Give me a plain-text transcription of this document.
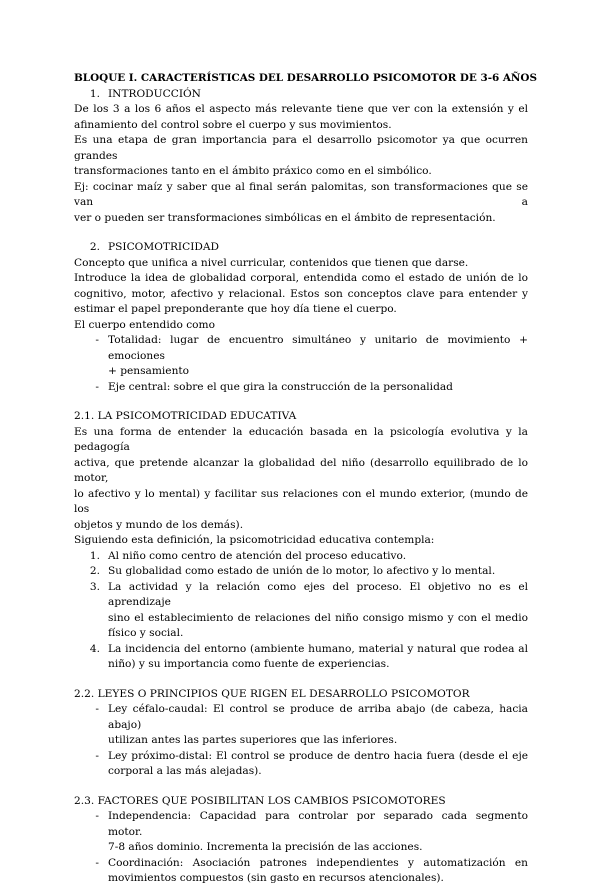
BLOQUE I. CARACTERÍSTICAS DEL DESARROLLO PSICOMOTOR DE 3-6 AÑOS

1. INTRODUCCIÓN

De los 3 a los 6 años el aspecto más relevante tiene que ver con la extensión y el

afinamiento del control sobre el cuerpo y sus movimientos.

Es una etapa de gran importancia para el desarrollo psicomotor ya que ocurren grandes

transformaciones tanto en el ámbito práxico como en el simbólico.

Ej: cocinar maíz y saber que al final serán palomitas, son transformaciones que se van a

ver o pueden ser transformaciones simbólicas en el ámbito de representación.

2. PSICOMOTRICIDAD

Concepto que unifica a nivel curricular, contenidos que tienen que darse.

Introduce la idea de globalidad corporal, entendida como el estado de unión de lo

cognitivo, motor, afectivo y relacional. Estos son conceptos clave para entender y

estimar el papel preponderante que hoy día tiene el cuerpo.

El cuerpo entendido como

- Totalidad: lugar de encuentro simultáneo y unitario de movimiento + emociones

+ pensamiento

- Eje central: sobre el que gira la construcción de la personalidad

2.1. LA PSICOMOTRICIDAD EDUCATIVA

Es una forma de entender la educación basada en la psicología evolutiva y la pedagogía

activa, que pretende alcanzar la globalidad del niño (desarrollo equilibrado de lo motor,

lo afectivo y lo mental) y facilitar sus relaciones con el mundo exterior, (mundo de los

objetos y mundo de los demás).

Siguiendo esta definición, la psicomotricidad educativa contempla:

1. Al niño como centro de atención del proceso educativo.
2. Su globalidad como estado de unión de lo motor, lo afectivo y lo mental.
3. La actividad y la relación como ejes del proceso. El objetivo no es el aprendizaje

sino el establecimiento de relaciones del niño consigo mismo y con el medio

físico y social.

4. La incidencia del entorno (ambiente humano, material y natural que rodea al

niño) y su importancia como fuente de experiencias.

2.2. LEYES O PRINCIPIOS QUE RIGEN EL DESARROLLO PSICOMOTOR

- Ley céfalo-caudal: El control se produce de arriba abajo (de cabeza, hacia abajo)

utilizan antes las partes superiores que las inferiores.

- Ley próximo-distal: El control se produce de dentro hacia fuera (desde el eje

corporal a las más alejadas).

2.3. FACTORES QUE POSIBILITAN LOS CAMBIOS PSICOMOTORES

- Independencia: Capacidad para controlar por separado cada segmento motor.

7-8 años dominio. Incrementa la precisión de las acciones.

- Coordinación: Asociación patrones independientes y automatización en

movimientos compuestos (sin gasto en recursos atencionales).
